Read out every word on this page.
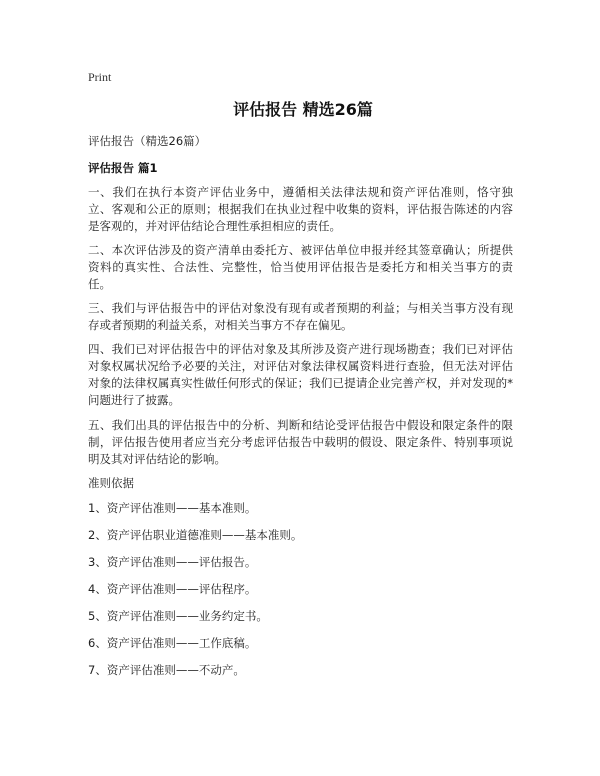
Print
评估报告 精选26篇
评估报告（精选26篇）
评估报告 篇1

一、我们在执行本资产评估业务中，遵循相关法律法规和资产评估准则，恪守独立、客观和公正的原则；根据我们在执业过程中收集的资料，评估报告陈述的内容是客观的，并对评估结论合理性承担相应的责任。

二、本次评估涉及的资产清单由委托方、被评估单位申报并经其签章确认；所提供资料的真实性、合法性、完整性，恰当使用评估报告是委托方和相关当事方的责任。

三、我们与评估报告中的评估对象没有现有或者预期的利益；与相关当事方没有现存或者预期的利益关系，对相关当事方不存在偏见。

四、我们已对评估报告中的评估对象及其所涉及资产进行现场勘查；我们已对评估对象权属状况给予必要的关注，对评估对象法律权属资料进行查验，但无法对评估对象的法律权属真实性做任何形式的保证；我们已提请企业完善产权，并对发现的*问题进行了披露。

五、我们出具的评估报告中的分析、判断和结论受评估报告中假设和限定条件的限制，评估报告使用者应当充分考虑评估报告中载明的假设、限定条件、特别事项说明及其对评估结论的影响。

准则依据
1、资产评估准则——基本准则。
2、资产评估职业道德准则——基本准则。
3、资产评估准则——评估报告。
4、资产评估准则——评估程序。
5、资产评估准则——业务约定书。
6、资产评估准则——工作底稿。
7、资产评估准则——不动产。
